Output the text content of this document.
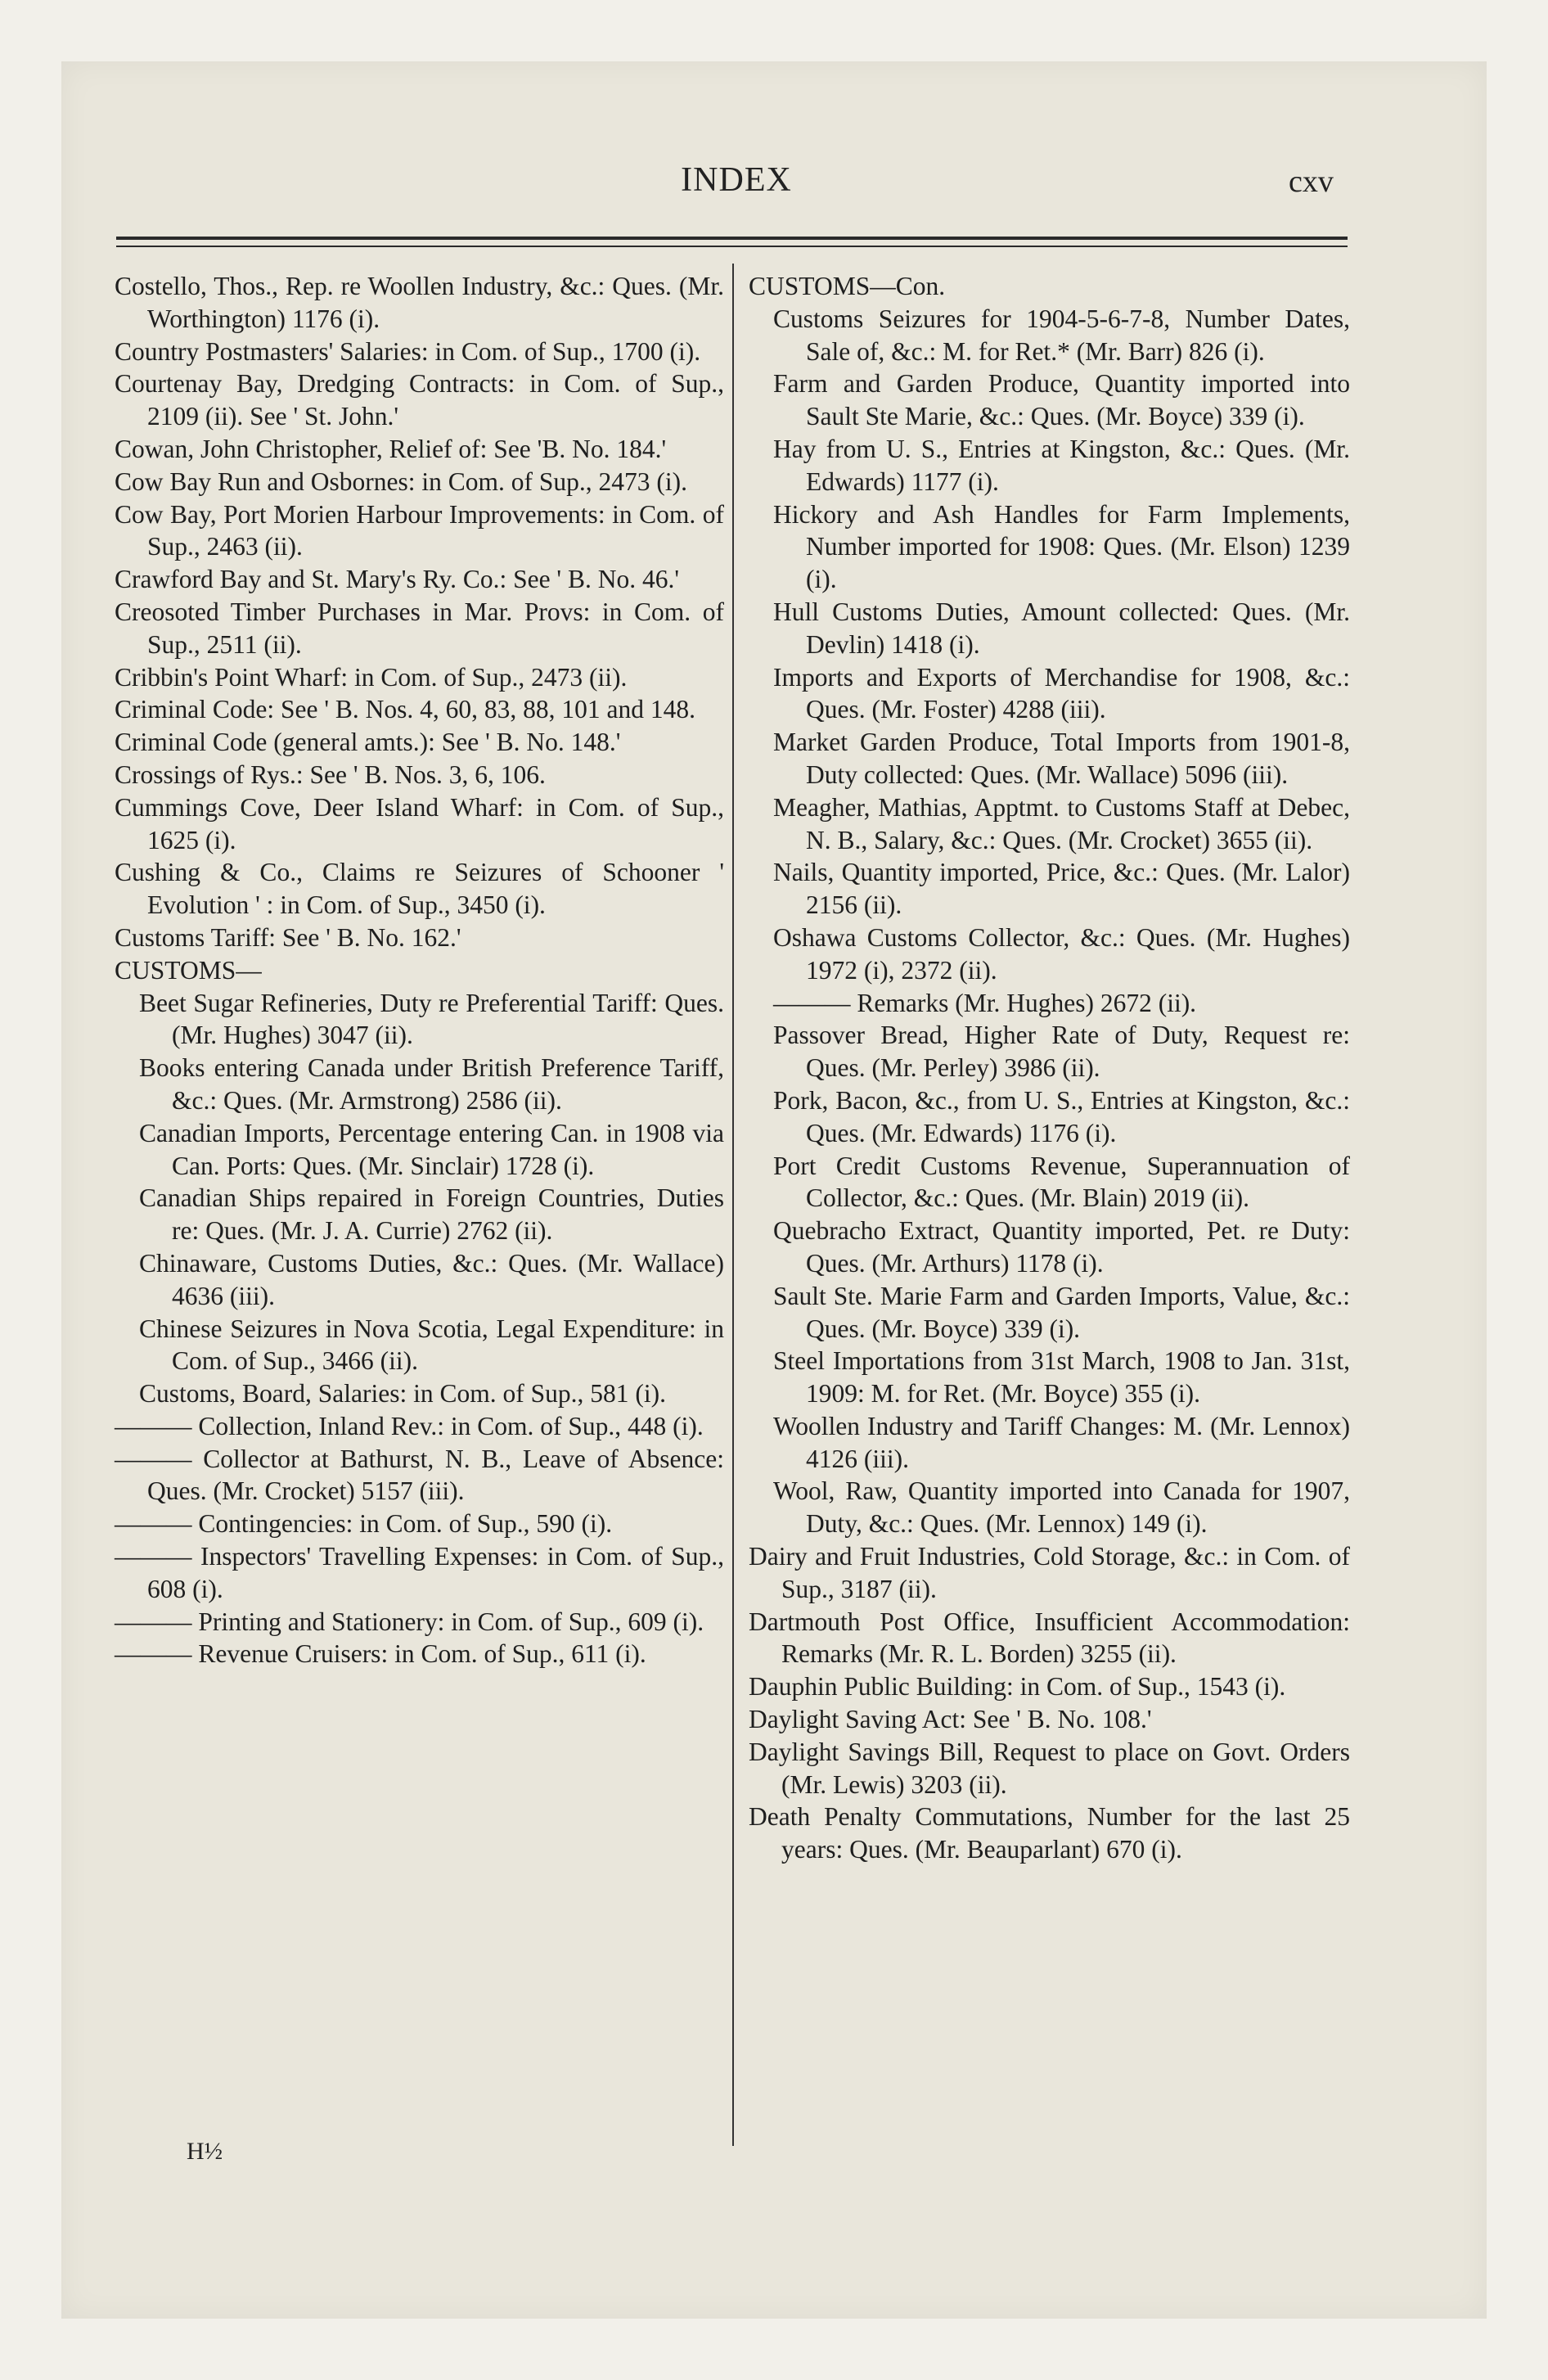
INDEX	cxv
Costello, Thos., Rep. re Woollen Industry, &c.: Ques. (Mr. Worthington) 1176 (i).
Country Postmasters' Salaries: in Com. of Sup., 1700 (i).
Courtenay Bay, Dredging Contracts: in Com. of Sup., 2109 (ii). See ' St. John.'
Cowan, John Christopher, Relief of: See 'B. No. 184.'
Cow Bay Run and Osbornes: in Com. of Sup., 2473 (i).
Cow Bay, Port Morien Harbour Improvements: in Com. of Sup., 2463 (ii).
Crawford Bay and St. Mary's Ry. Co.: See ' B. No. 46.'
Creosoted Timber Purchases in Mar. Provs: in Com. of Sup., 2511 (ii).
Cribbin's Point Wharf: in Com. of Sup., 2473 (ii).
Criminal Code: See ' B. Nos. 4, 60, 83, 88, 101 and 148.
Criminal Code (general amts.): See ' B. No. 148.'
Crossings of Rys.: See ' B. Nos. 3, 6, 106.
Cummings Cove, Deer Island Wharf: in Com. of Sup., 1625 (i).
Cushing & Co., Claims re Seizures of Schooner ' Evolution ' : in Com. of Sup., 3450 (i).
Customs Tariff: See ' B. No. 162.'
CUSTOMS—
Beet Sugar Refineries, Duty re Preferential Tariff: Ques. (Mr. Hughes) 3047 (ii).
Books entering Canada under British Preference Tariff, &c.: Ques. (Mr. Armstrong) 2586 (ii).
Canadian Imports, Percentage entering Can. in 1908 via Can. Ports: Ques. (Mr. Sinclair) 1728 (i).
Canadian Ships repaired in Foreign Countries, Duties re: Ques. (Mr. J. A. Currie) 2762 (ii).
Chinaware, Customs Duties, &c.: Ques. (Mr. Wallace) 4636 (iii).
Chinese Seizures in Nova Scotia, Legal Expenditure: in Com. of Sup., 3466 (ii).
Customs, Board, Salaries: in Com. of Sup., 581 (i).
——— Collection, Inland Rev.: in Com. of Sup., 448 (i).
——— Collector at Bathurst, N. B., Leave of Absence: Ques. (Mr. Crocket) 5157 (iii).
——— Contingencies: in Com. of Sup., 590 (i).
——— Inspectors' Travelling Expenses: in Com. of Sup., 608 (i).
——— Printing and Stationery: in Com. of Sup., 609 (i).
——— Revenue Cruisers: in Com. of Sup., 611 (i).
CUSTOMS—Con.
Customs Seizures for 1904-5-6-7-8, Number Dates, Sale of, &c.: M. for Ret.* (Mr. Barr) 826 (i).
Farm and Garden Produce, Quantity imported into Sault Ste Marie, &c.: Ques. (Mr. Boyce) 339 (i).
Hay from U. S., Entries at Kingston, &c.: Ques. (Mr. Edwards) 1177 (i).
Hickory and Ash Handles for Farm Implements, Number imported for 1908: Ques. (Mr. Elson) 1239 (i).
Hull Customs Duties, Amount collected: Ques. (Mr. Devlin) 1418 (i).
Imports and Exports of Merchandise for 1908, &c.: Ques. (Mr. Foster) 4288 (iii).
Market Garden Produce, Total Imports from 1901-8, Duty collected: Ques. (Mr. Wallace) 5096 (iii).
Meagher, Mathias, Apptmt. to Customs Staff at Debec, N. B., Salary, &c.: Ques. (Mr. Crocket) 3655 (ii).
Nails, Quantity imported, Price, &c.: Ques. (Mr. Lalor) 2156 (ii).
Oshawa Customs Collector, &c.: Ques. (Mr. Hughes) 1972 (i), 2372 (ii).
——— Remarks (Mr. Hughes) 2672 (ii).
Passover Bread, Higher Rate of Duty, Request re: Ques. (Mr. Perley) 3986 (ii).
Pork, Bacon, &c., from U. S., Entries at Kingston, &c.: Ques. (Mr. Edwards) 1176 (i).
Port Credit Customs Revenue, Superannuation of Collector, &c.: Ques. (Mr. Blain) 2019 (ii).
Quebracho Extract, Quantity imported, Pet. re Duty: Ques. (Mr. Arthurs) 1178 (i).
Sault Ste. Marie Farm and Garden Imports, Value, &c.: Ques. (Mr. Boyce) 339 (i).
Steel Importations from 31st March, 1908 to Jan. 31st, 1909: M. for Ret. (Mr. Boyce) 355 (i).
Woollen Industry and Tariff Changes: M. (Mr. Lennox) 4126 (iii).
Wool, Raw, Quantity imported into Canada for 1907, Duty, &c.: Ques. (Mr. Lennox) 149 (i).
Dairy and Fruit Industries, Cold Storage, &c.: in Com. of Sup., 3187 (ii).
Dartmouth Post Office, Insufficient Accommodation: Remarks (Mr. R. L. Borden) 3255 (ii).
Dauphin Public Building: in Com. of Sup., 1543 (i).
Daylight Saving Act: See ' B. No. 108.'
Daylight Savings Bill, Request to place on Govt. Orders (Mr. Lewis) 3203 (ii).
Death Penalty Commutations, Number for the last 25 years: Ques. (Mr. Beauparlant) 670 (i).
H½
